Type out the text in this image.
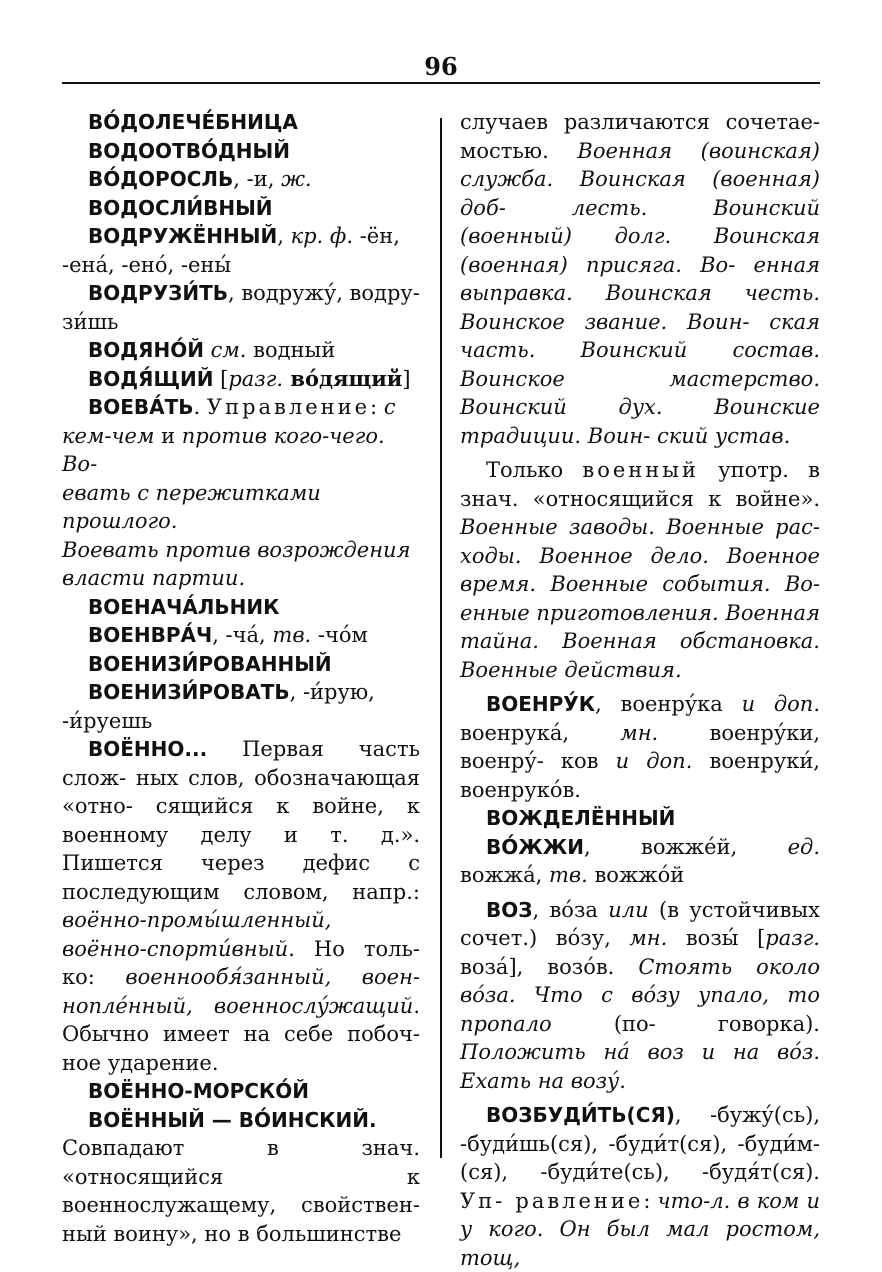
96

ВО́ДОЛЕЧЕ́БНИЦА

ВОДООТВО́ДНЫЙ

ВО́ДОРОСЛЬ, -и, ж.

ВОДОСЛИ́ВНЫЙ

ВОДРУЖЁННЫЙ, кр. ф. -ён,

-ена́, -ено́, -ены́

ВОДРУЗИ́ТЬ, водружу́, водру-

зи́шь

ВОДЯНО́Й см. водный

ВОДЯ́ЩИЙ [разг. во́дящий]

ВОЕВА́ТЬ. Управление: с

кем-чем и против кого-чего. Во-

евать с пережитками прошлого.

Воевать против возрождения

власти партии.

ВОЕНАЧА́ЛЬНИК

ВОЕНВРА́Ч, -ча́, тв. -чо́м

ВОЕНИЗИ́РОВАННЫЙ

ВОЕНИЗИ́РОВАТЬ, -и́рую,

-и́руешь

ВОЁННО... Первая часть слож- ных слов, обозначающая «отно- сящийся к войне, к военному делу и т. д.». Пишется через дефис с последующим словом, напр.: воённо-промы́шленный, воённо-спорти́вный. Но толь- ко: военнообя́занный, воен- нопле́нный, военнослу́жащий. Обычно имеет на себе побоч- ное ударение.

ВОЁННО-МОРСКО́Й

ВОЁННЫЙ — ВО́ИНСКИЙ.

Совпадают в знач. «относящийся к военнослужащему, свойствен- ный воину», но в большинстве

случаев различаются сочетае- мостью. Военная (воинская) служба. Воинская (военная) доб- лесть. Воинский (военный) долг. Воинская (военная) присяга. Во- енная выправка. Воинская честь. Воинское звание. Воин- ская часть. Воинский состав. Воинское мастерство. Воинский дух. Воинские традиции. Воин- ский устав.

Только военный употр. в знач. «относящийся к войне». Военные заводы. Военные рас- ходы. Военное дело. Военное время. Военные события. Во- енные приготовления. Военная тайна. Военная обстановка. Военные действия.

ВОЕНРУ́К, военру́ка и доп. военрука́, мн. военру́ки, военру́- ков и доп. военруки́, военруко́в.

ВОЖДЕЛЁННЫЙ

ВО́ЖЖИ, вожже́й, ед. вожжа́, тв. вожжо́й

ВОЗ, во́за или (в устойчивых сочет.) во́зу, мн. возы́ [разг. воза́], возо́в. Стоять около во́за. Что с во́зу упало, то пропало (по- говорка). Положить на́ воз и на во́з. Ехать на возу́.

ВОЗБУДИ́ТЬ(СЯ), -бужу́(сь), -буди́шь(ся), -буди́т(ся), -буди́м- (ся), -буди́те(сь), -будя́т(ся). Уп- равление: что-л. в ком и у кого. Он был мал ростом, тощ,
